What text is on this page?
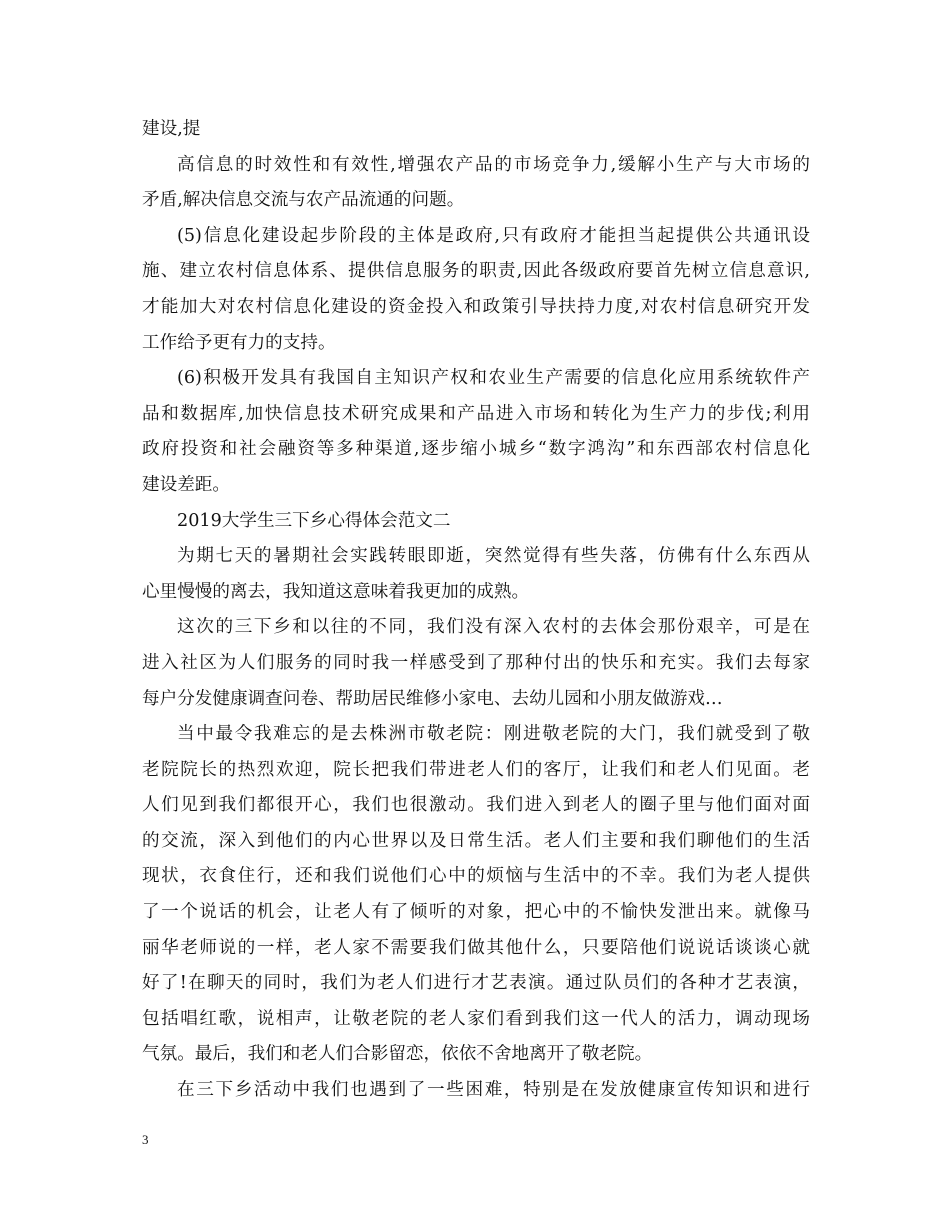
建设,提
高信息的时效性和有效性,增强农产品的市场竞争力,缓解小生产与大市场的
矛盾,解决信息交流与农产品流通的问题。
(5)信息化建设起步阶段的主体是政府,只有政府才能担当起提供公共通讯设
施、建立农村信息体系、提供信息服务的职责,因此各级政府要首先树立信息意识,
才能加大对农村信息化建设的资金投入和政策引导扶持力度,对农村信息研究开发
工作给予更有力的支持。
(6)积极开发具有我国自主知识产权和农业生产需要的信息化应用系统软件产
品和数据库,加快信息技术研究成果和产品进入市场和转化为生产力的步伐;利用
政府投资和社会融资等多种渠道,逐步缩小城乡“数字鸿沟”和东西部农村信息化
建设差距。
2019大学生三下乡心得体会范文二
为期七天的暑期社会实践转眼即逝，突然觉得有些失落，仿佛有什么东西从
心里慢慢的离去，我知道这意味着我更加的成熟。
这次的三下乡和以往的不同，我们没有深入农村的去体会那份艰辛，可是在
进入社区为人们服务的同时我一样感受到了那种付出的快乐和充实。我们去每家
每户分发健康调查问卷、帮助居民维修小家电、去幼儿园和小朋友做游戏…
当中最令我难忘的是去株洲市敬老院：刚进敬老院的大门，我们就受到了敬
老院院长的热烈欢迎，院长把我们带进老人们的客厅，让我们和老人们见面。老
人们见到我们都很开心，我们也很激动。我们进入到老人的圈子里与他们面对面
的交流，深入到他们的内心世界以及日常生活。老人们主要和我们聊他们的生活
现状，衣食住行，还和我们说他们心中的烦恼与生活中的不幸。我们为老人提供
了一个说话的机会，让老人有了倾听的对象，把心中的不愉快发泄出来。就像马
丽华老师说的一样，老人家不需要我们做其他什么，只要陪他们说说话谈谈心就
好了!在聊天的同时，我们为老人们进行才艺表演。通过队员们的各种才艺表演，
包括唱红歌，说相声，让敬老院的老人家们看到我们这一代人的活力，调动现场
气氛。最后，我们和老人们合影留恋，依依不舍地离开了敬老院。
在三下乡活动中我们也遇到了一些困难，特别是在发放健康宣传知识和进行
3
